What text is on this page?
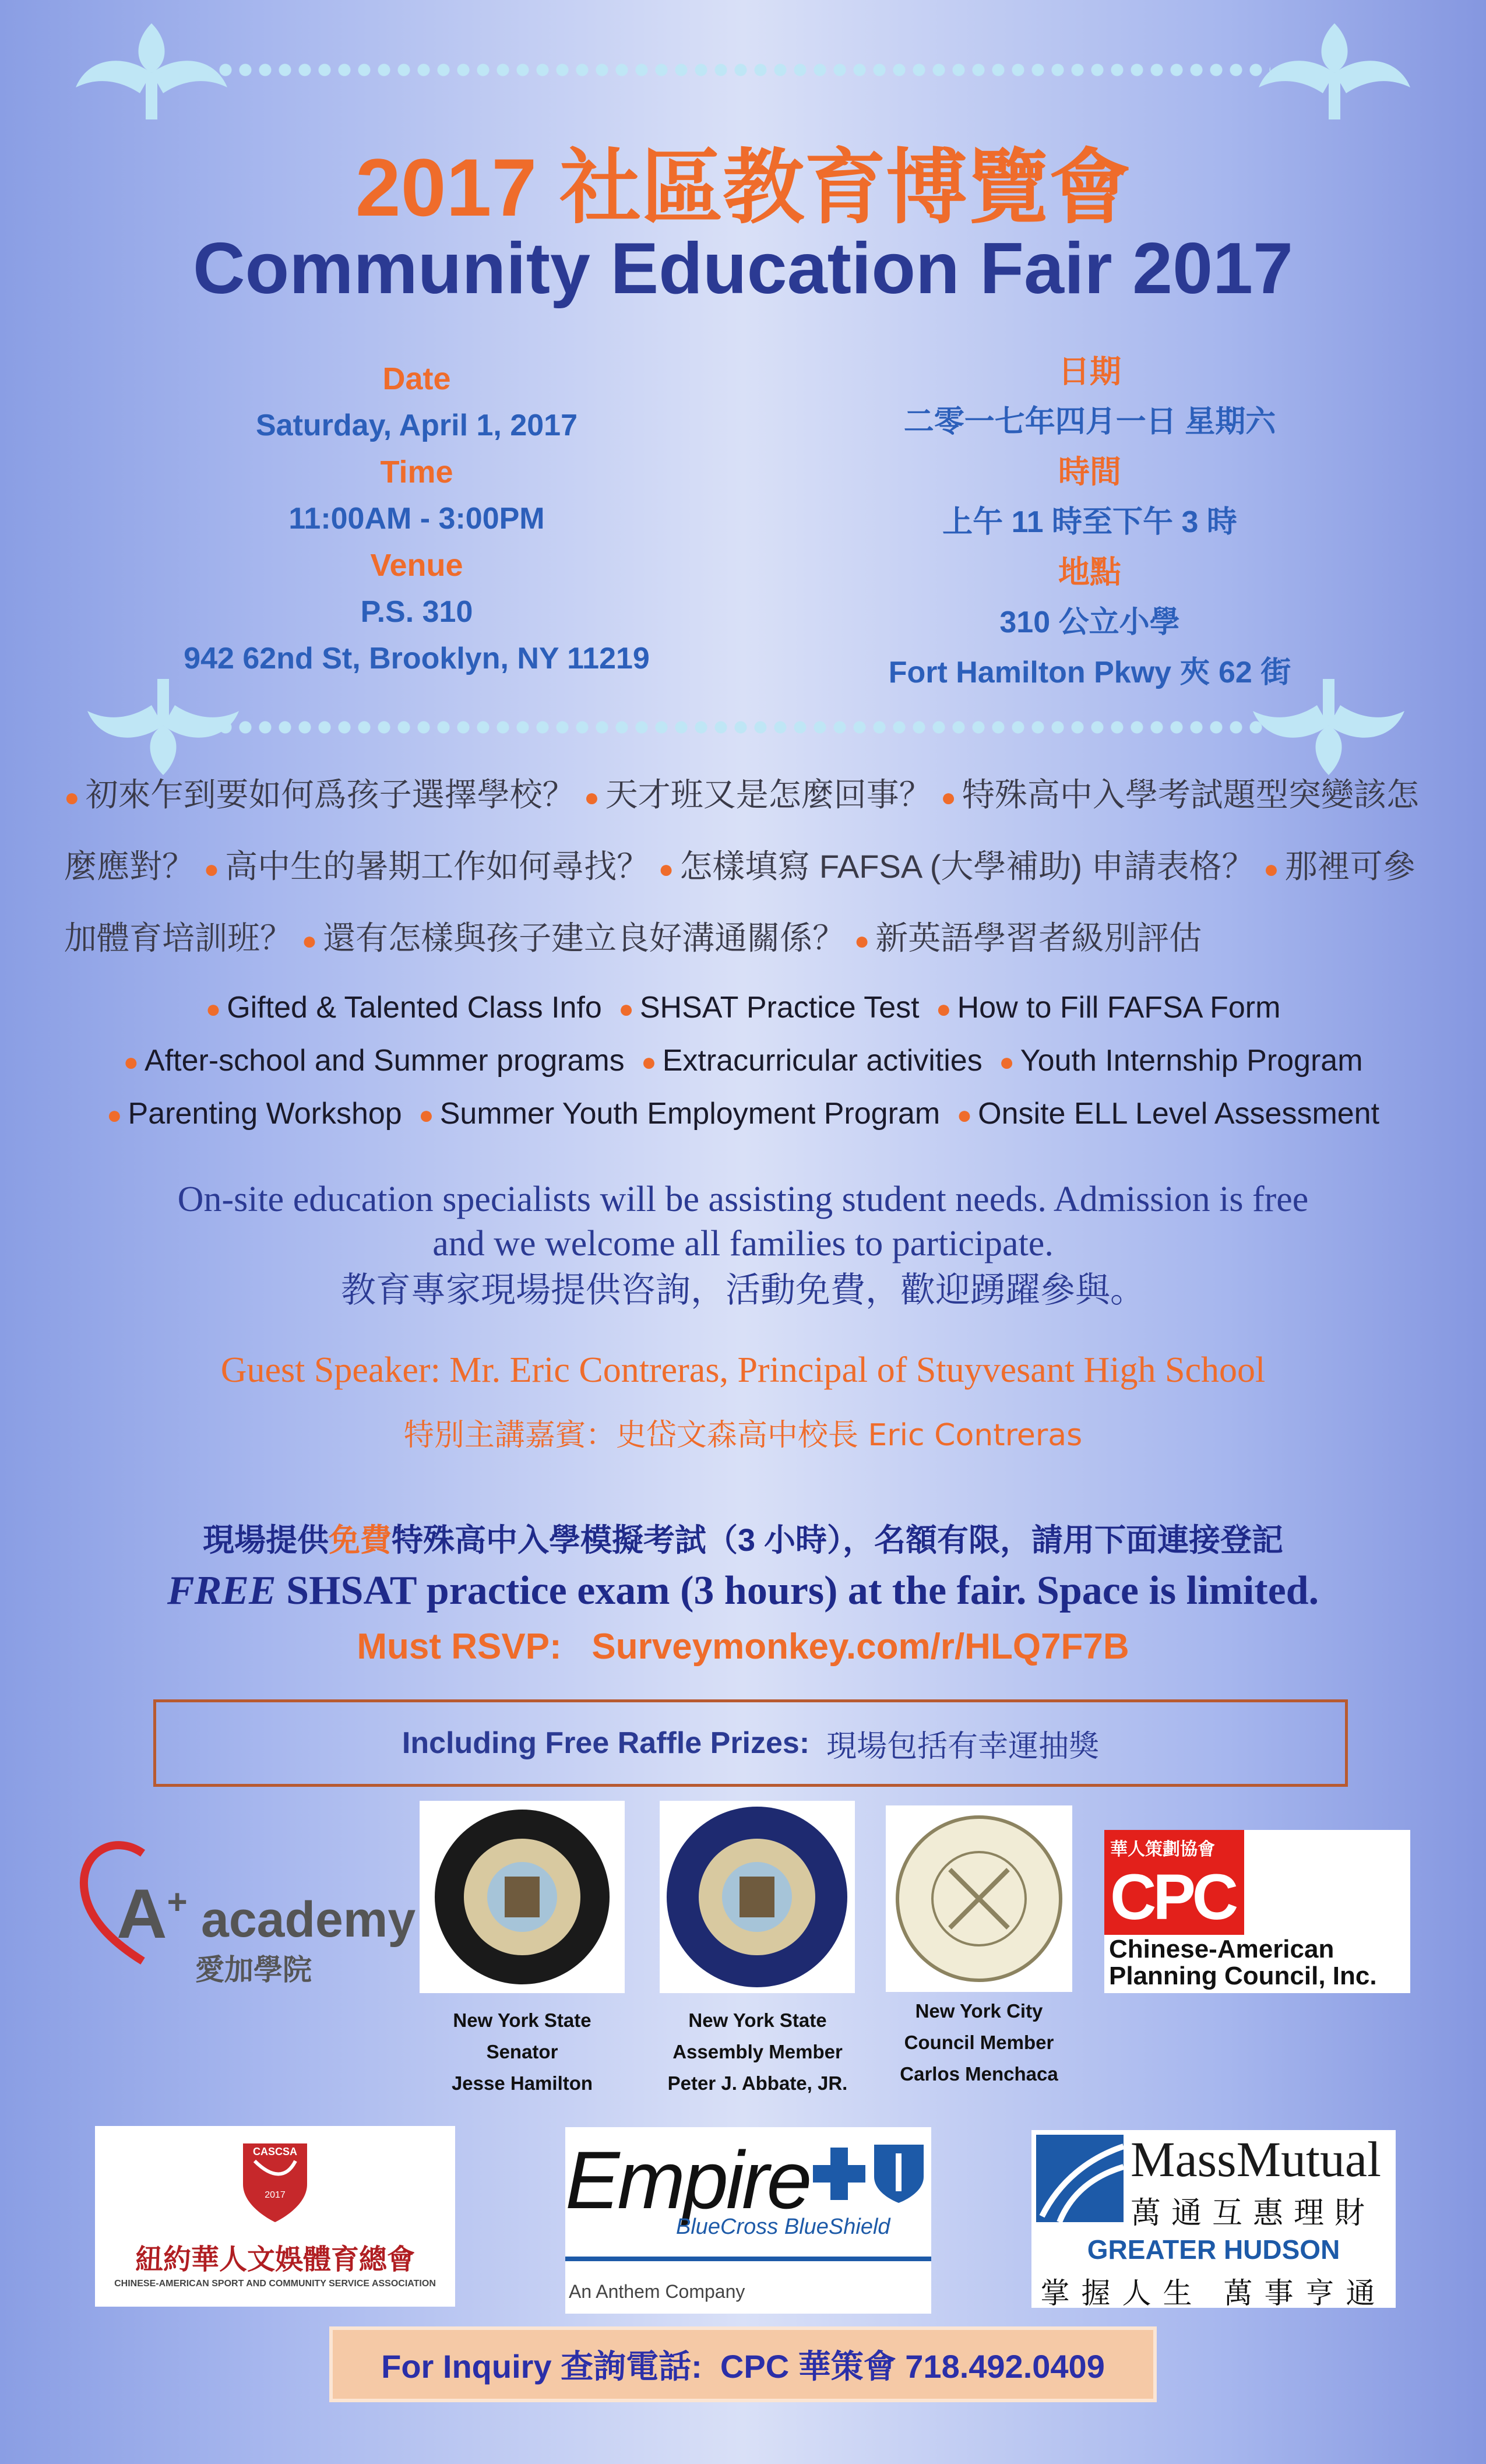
2017 社區教育博覽會
Community Education Fair 2017
Date
Saturday, April 1, 2017
Time
11:00AM - 3:00PM
Venue
P.S. 310
942 62nd St, Brooklyn, NY 11219
日期
二零一七年四月一日 星期六
時間
上午 11 時至下午 3 時
地點
310 公立小學
Fort Hamilton Pkwy 夾 62 街
● 初來乍到要如何爲孩子選擇學校？ ● 天才班又是怎麼回事？ ● 特殊高中入學考試題型突變該怎麼應對？ ● 高中生的暑期工作如何尋找？ ● 怎樣填寫 FAFSA (大學補助) 申請表格？ ● 那裡可參加體育培訓班？ ● 還有怎樣與孩子建立良好溝通關係？ ● 新英語學習者級別評估
● Gifted & Talented Class Info ● SHSAT Practice Test ● How to Fill FAFSA Form
● After-school and Summer programs ● Extracurricular activities ● Youth Internship Program
● Parenting Workshop ● Summer Youth Employment Program ● Onsite ELL Level Assessment
On-site education specialists will be assisting student needs. Admission is free
and we welcome all families to participate.
教育專家現場提供咨詢，活動免費，歡迎踴躍參與。
Guest Speaker: Mr. Eric Contreras, Principal of Stuyvesant High School
特別主講嘉賓：史岱文森高中校長 Eric Contreras
現場提供免費特殊高中入學模擬考試（3 小時），名額有限，請用下面連接登記
FREE SHSAT practice exam (3 hours) at the fair. Space is limited.
Must RSVP: Surveymonkey.com/r/HLQ7F7B
Including Free Raffle Prizes:
現場包括有幸運抽獎
A+ academy
愛加學院
New York State
Senator
Jesse Hamilton
New York State
Assembly Member
Peter J. Abbate, JR.
New York City
Council Member
Carlos Menchaca
華人策劃協會
CPC
Chinese-American
Planning Council, Inc.
CASCSA
2017
紐約華人文娛體育總會
CHINESE-AMERICAN SPORT AND COMMUNITY SERVICE ASSOCIATION
Empire
BlueCross BlueShield
An Anthem Company
MassMutual
萬通互惠理財
GREATER HUDSON
掌握人生 萬事亨通
For Inquiry 查詢電話:
CPC 華策會 718.492.0409
